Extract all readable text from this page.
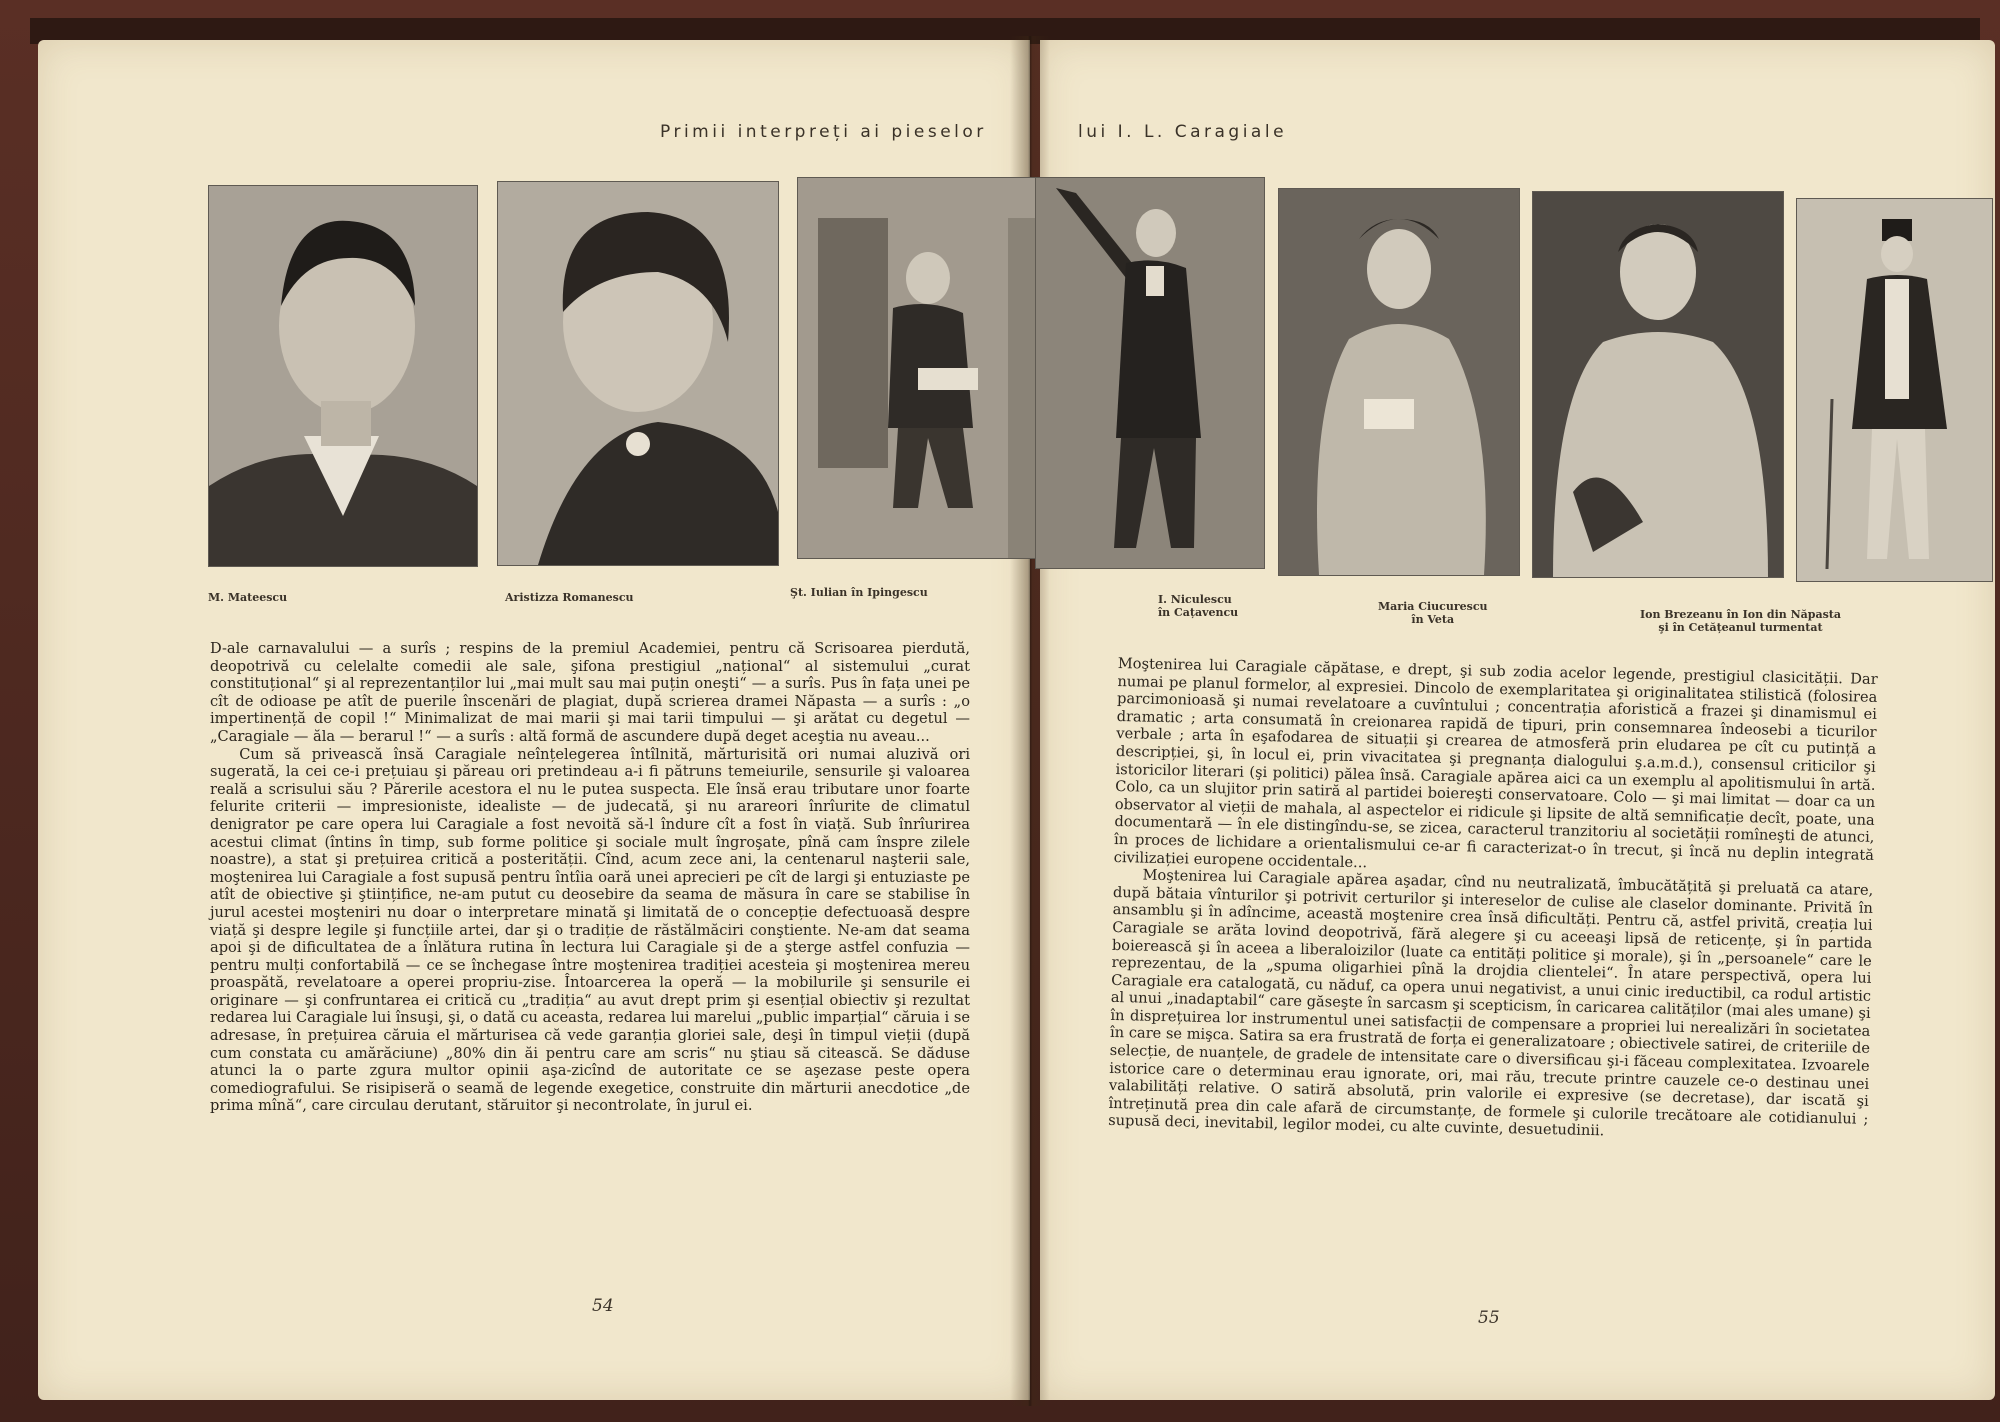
Primii interpreți ai pieselor	lui I. L. Caragiale
M. Mateescu	Aristizza Romanescu	Şt. Iulian în Ipingescu
I. Niculescu
în Cațavencu	Maria Ciucurescu
în Veta	Ion Brezeanu în Ion din Năpasta
şi în Cetățeanul turmentat

D-ale carnavalului — a surîs ; respins de la premiul Academiei, pentru că Scrisoarea pierdută, deopotrivă cu celelalte comedii ale sale, şifona prestigiul „național“ al sistemului „curat constituțional“ şi al reprezentanților lui „mai mult sau mai puțin oneşti“ — a surîs. Pus în fața unei pe cît de odioase pe atît de puerile înscenări de plagiat, după scrierea dramei Năpasta — a surîs : „o impertinență de copil !“ Minimalizat de mai marii şi mai tarii timpului — şi arătat cu degetul — „Caragiale — ăla — berarul !“ — a surîs : altă formă de ascundere după deget aceştia nu aveau...

Cum să privească însă Caragiale neînțelegerea întîlnită, mărturisită ori numai aluzivă ori sugerată, la cei ce-i prețuiau şi păreau ori pretindeau a-i fi pătruns temeiurile, sensurile şi valoarea reală a scrisului său ? Părerile acestora el nu le putea suspecta. Ele însă erau tributare unor foarte felurite criterii — impresioniste, idealiste — de judecată, şi nu arareori înrîurite de climatul denigrator pe care opera lui Caragiale a fost nevoită să-l îndure cît a fost în viață. Sub înrîurirea acestui climat (întins în timp, sub forme politice şi sociale mult îngroşate, pînă cam înspre zilele noastre), a stat şi prețuirea critică a posterității. Cînd, acum zece ani, la centenarul naşterii sale, moştenirea lui Caragiale a fost supusă pentru întîia oară unei aprecieri pe cît de largi şi entuziaste pe atît de obiective şi ştiințifice, ne-am putut cu deosebire da seama de măsura în care se stabilise în jurul acestei moşteniri nu doar o interpretare minată şi limitată de o concepție defectuoasă despre viață şi despre legile şi funcțiile artei, dar şi o tradiție de răstălmăciri conştiente. Ne-am dat seama apoi şi de dificultatea de a înlătura rutina în lectura lui Caragiale şi de a şterge astfel confuzia — pentru mulți confortabilă — ce se închegase între moştenirea tradiției acesteia şi moştenirea mereu proaspătă, revelatoare a operei propriu-zise. Întoarcerea la operă — la mobilurile şi sensurile ei originare — şi confruntarea ei critică cu „tradiția“ au avut drept prim şi esențial obiectiv şi rezultat redarea lui Caragiale lui însuşi, şi, o dată cu aceasta, redarea lui marelui „public imparțial“ căruia i se adresase, în prețuirea căruia el mărturisea că vede garanția gloriei sale, deşi în timpul vieții (după cum constata cu amărăciune) „80% din ăi pentru care am scris“ nu ştiau să citească. Se dăduse atunci la o parte zgura multor opinii aşa-zicînd de autoritate ce se aşezase peste opera comediografului. Se risipiseră o seamă de legende exegetice, construite din mărturii anecdotice „de prima mînă“, care circulau derutant, stăruitor şi necontrolate, în jurul ei.

Moştenirea lui Caragiale căpătase, e drept, şi sub zodia acelor legende, prestigiul clasicității. Dar numai pe planul formelor, al expresiei. Dincolo de exemplaritatea şi originalitatea stilistică (folosirea parcimonioasă şi numai revelatoare a cuvîntului ; concentrația aforistică a frazei şi dinamismul ei dramatic ; arta consumată în creionarea rapidă de tipuri, prin consemnarea îndeosebi a ticurilor verbale ; arta în eşafodarea de situații şi crearea de atmosferă prin eludarea pe cît cu putință a descripției, şi, în locul ei, prin vivacitatea şi pregnanța dialogului ş.a.m.d.), consensul criticilor şi istoricilor literari (şi politici) pălea însă. Caragiale apărea aici ca un exemplu al apolitismului în artă. Colo, ca un slujitor prin satiră al partidei boiereşti conservatoare. Colo — şi mai limitat — doar ca un observator al vieții de mahala, al aspectelor ei ridicule şi lipsite de altă semnificație decît, poate, una documentară — în ele distingîndu-se, se zicea, caracterul tranzitoriu al societății romîneşti de atunci, în proces de lichidare a orientalismului ce-ar fi caracterizat-o în trecut, şi încă nu deplin integrată civilizației europene occidentale...

Moştenirea lui Caragiale apărea aşadar, cînd nu neutralizată, îmbucătățită şi preluată ca atare, după bătaia vînturilor şi potrivit certurilor şi intereselor de culise ale claselor dominante. Privită în ansamblu şi în adîncime, această moştenire crea însă dificultăți. Pentru că, astfel privită, creația lui Caragiale se arăta lovind deopotrivă, fără alegere şi cu aceeaşi lipsă de reticențe, şi în partida boierească şi în aceea a liberaloizilor (luate ca entități politice şi morale), şi în „persoanele“ care le reprezentau, de la „spuma oligarhiei pînă la drojdia clientelei“. În atare perspectivă, opera lui Caragiale era catalogată, cu năduf, ca opera unui negativist, a unui cinic ireductibil, ca rodul artistic al unui „inadaptabil“ care găseşte în sarcasm şi scepticism, în caricarea calităților (mai ales umane) şi în disprețuirea lor instrumentul unei satisfacții de compensare a propriei lui nerealizări în societatea în care se mişca. Satira sa era frustrată de forța ei generalizatoare ; obiectivele satirei, de criteriile de selecție, de nuanțele, de gradele de intensitate care o diversificau şi-i făceau complexitatea. Izvoarele istorice care o determinau erau ignorate, ori, mai rău, trecute printre cauzele ce-o destinau unei valabilități relative. O satiră absolută, prin valorile ei expresive (se decretase), dar iscată şi întreținută prea din cale afară de circumstanțe, de formele şi culorile trecătoare ale cotidianului ; supusă deci, inevitabil, legilor modei, cu alte cuvinte, desuetudinii.

54
55
